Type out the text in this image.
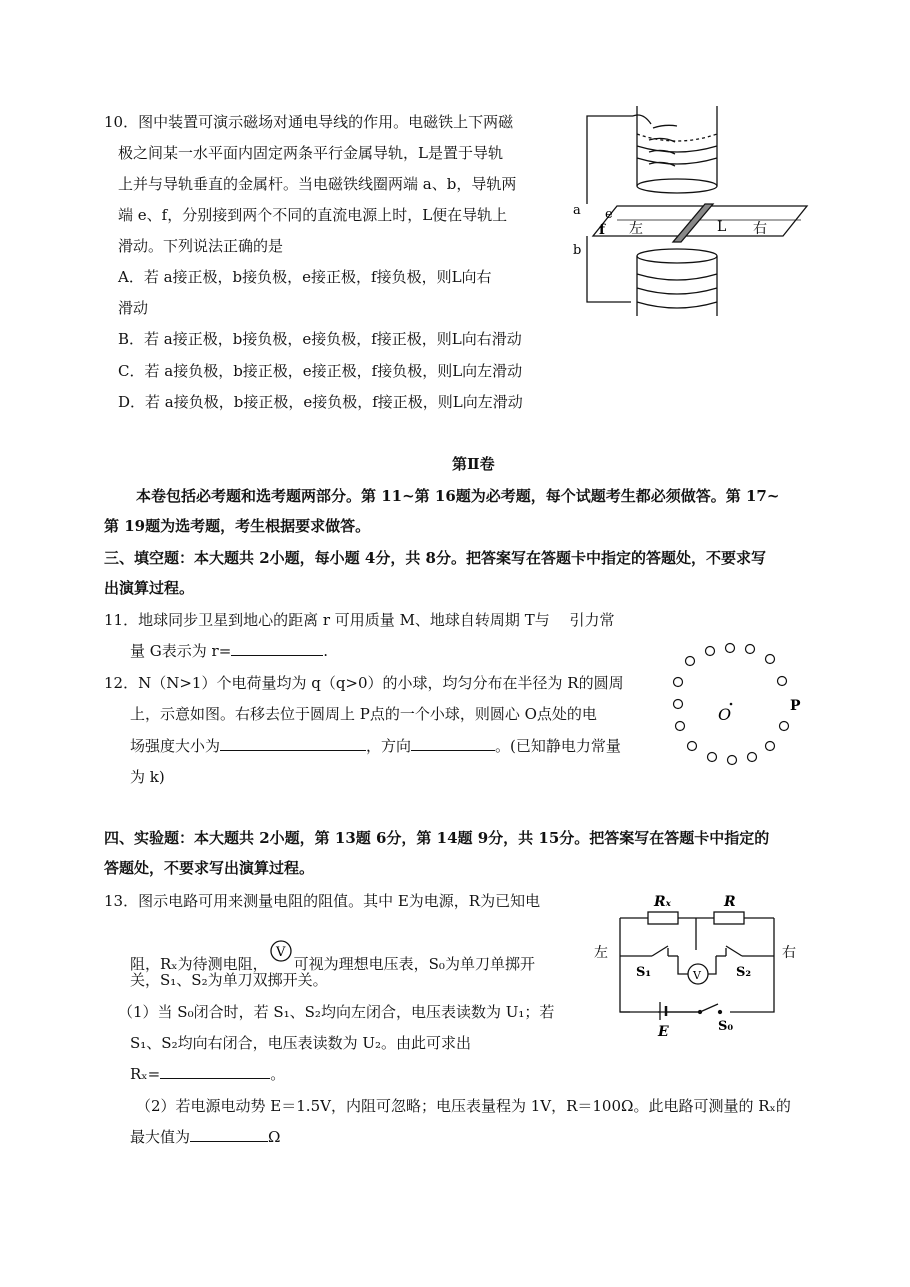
10．图中装置可演示磁场对通电导线的作用。电磁铁上下两磁
极之间某一水平面内固定两条平行金属导轨，L是置于导轨
上并与导轨垂直的金属杆。当电磁铁线圈两端 a、b，导轨两
端 e、f，分别接到两个不同的直流电源上时，L便在导轨上
滑动。下列说法正确的是
A．若 a接正极，b接负极，e接正极，f接负极，则L向右
滑动
B．若 a接正极，b接负极，e接负极，f接正极，则L向右滑动
C．若 a接负极，b接正极，e接正极，f接负极，则L向左滑动
D．若 a接负极，b接正极，e接负极，f接正极，则L向左滑动
a
b
e
f 左	L 右
第Ⅱ卷
本卷包括必考题和选考题两部分。第 11~第 16题为必考题，每个试题考生都必须做答。第 17~
第 19题为选考题，考生根据要求做答。
三、填空题：本大题共 2小题，每小题 4分，共 8分。把答案写在答题卡中指定的答题处，不要求写
出演算过程。
11．地球同步卫星到地心的距离 r 可用质量 M、地球自转周期 T与　 引力常
量 G表示为 r=	.
12．N（N>1）个电荷量均为 q（q>0）的小球，均匀分布在半径为 R的圆周
上，示意如图。右移去位于圆周上 P点的一个小球，则圆心 O点处的电
场强度大小为	，方向	。(已知静电力常量
为 k)
O	P
四、实验题：本大题共 2小题，第 13题 6分，第 14题 9分，共 15分。把答案写在答题卡中指定的
答题处，不要求写出演算过程。
13．图示电路可用来测量电阻的阻值。其中 E为电源，R为已知电
阻，Rₓ为待测电阻，
V
可视为理想电压表，S₀为单刀单掷开
关，S₁、S₂为单刀双掷开关。
（1）当 S₀闭合时，若 S₁、S₂均向左闭合，电压表读数为 U₁；若
S₁、S₂均向右闭合，电压表读数为 U₂。由此可求出
Rₓ=	。
（2）若电源电动势 E＝1.5V，内阻可忽略；电压表量程为 1V，R＝100Ω。此电路可测量的 Rₓ的
最大值为	Ω
Rₓ	R
左	右
S₁	S₂
V
E	S₀
